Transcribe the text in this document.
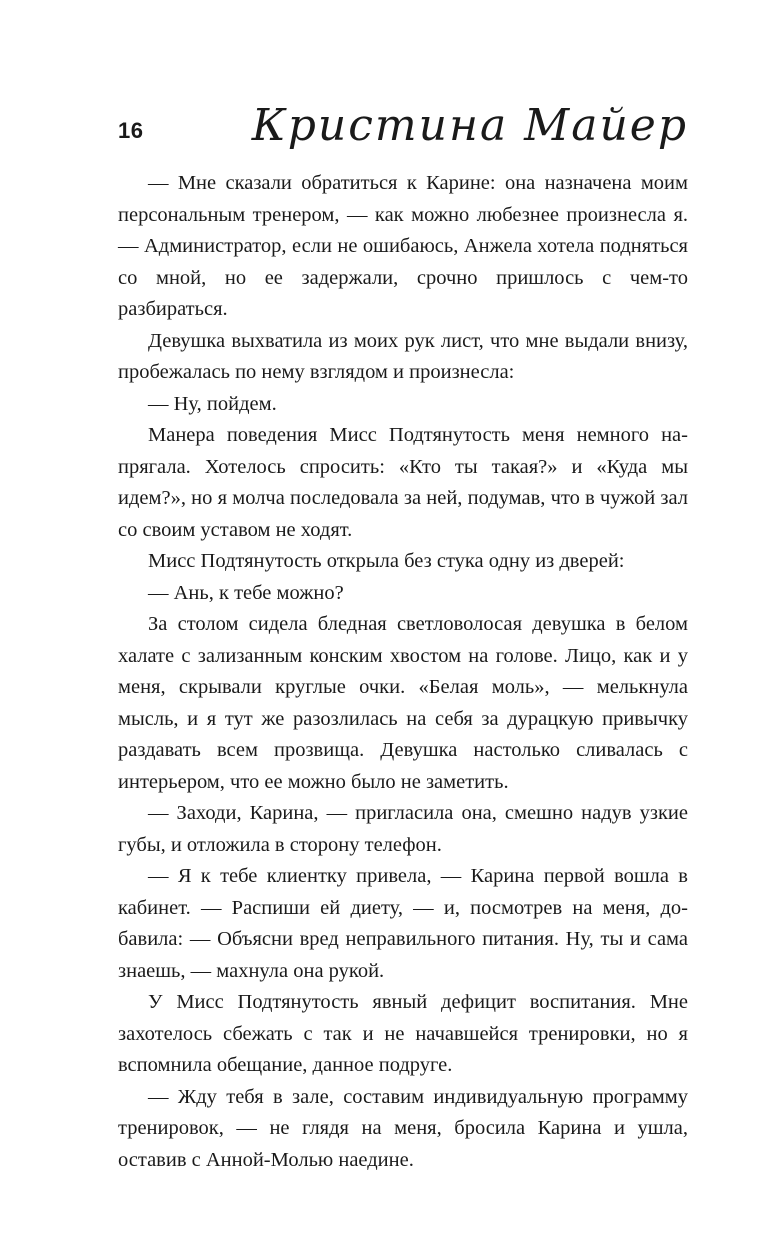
16 Кристина Майер

— Мне сказали обратиться к Карине: она назначена моим персональным тренером, — как можно любезнее произнесла я. — Администратор, если не ошибаюсь, Анжела хотела подняться со мной, но ее задержали, срочно пришлось с чем-то разбираться.

Девушка выхватила из моих рук лист, что мне выдали внизу, пробежалась по нему взглядом и произнесла:

— Ну, пойдем.

Манера поведения Мисс Подтянутость меня немного напрягала. Хотелось спросить: «Кто ты такая?» и «Куда мы идем?», но я молча последовала за ней, подумав, что в чужой зал со своим уставом не ходят.

Мисс Подтянутость открыла без стука одну из дверей:

— Ань, к тебе можно?

За столом сидела бледная светловолосая девушка в белом халате с зализанным конским хвостом на голове. Лицо, как и у меня, скрывали круглые очки. «Белая моль», — мелькнула мысль, и я тут же разозлилась на себя за дурацкую привычку раздавать всем прозвища. Девушка настолько сливалась с интерьером, что ее можно было не заметить.

— Заходи, Карина, — пригласила она, смешно надув узкие губы, и отложила в сторону телефон.

— Я к тебе клиентку привела, — Карина первой вошла в кабинет. — Распиши ей диету, — и, посмотрев на меня, добавила: — Объясни вред неправильного питания. Ну, ты и сама знаешь, — махнула она рукой.

У Мисс Подтянутость явный дефицит воспитания. Мне захотелось сбежать с так и не начавшейся тренировки, но я вспомнила обещание, данное подруге.

— Жду тебя в зале, составим индивидуальную программу тренировок, — не глядя на меня, бросила Карина и ушла, оставив с Анной-Молью наедине.
